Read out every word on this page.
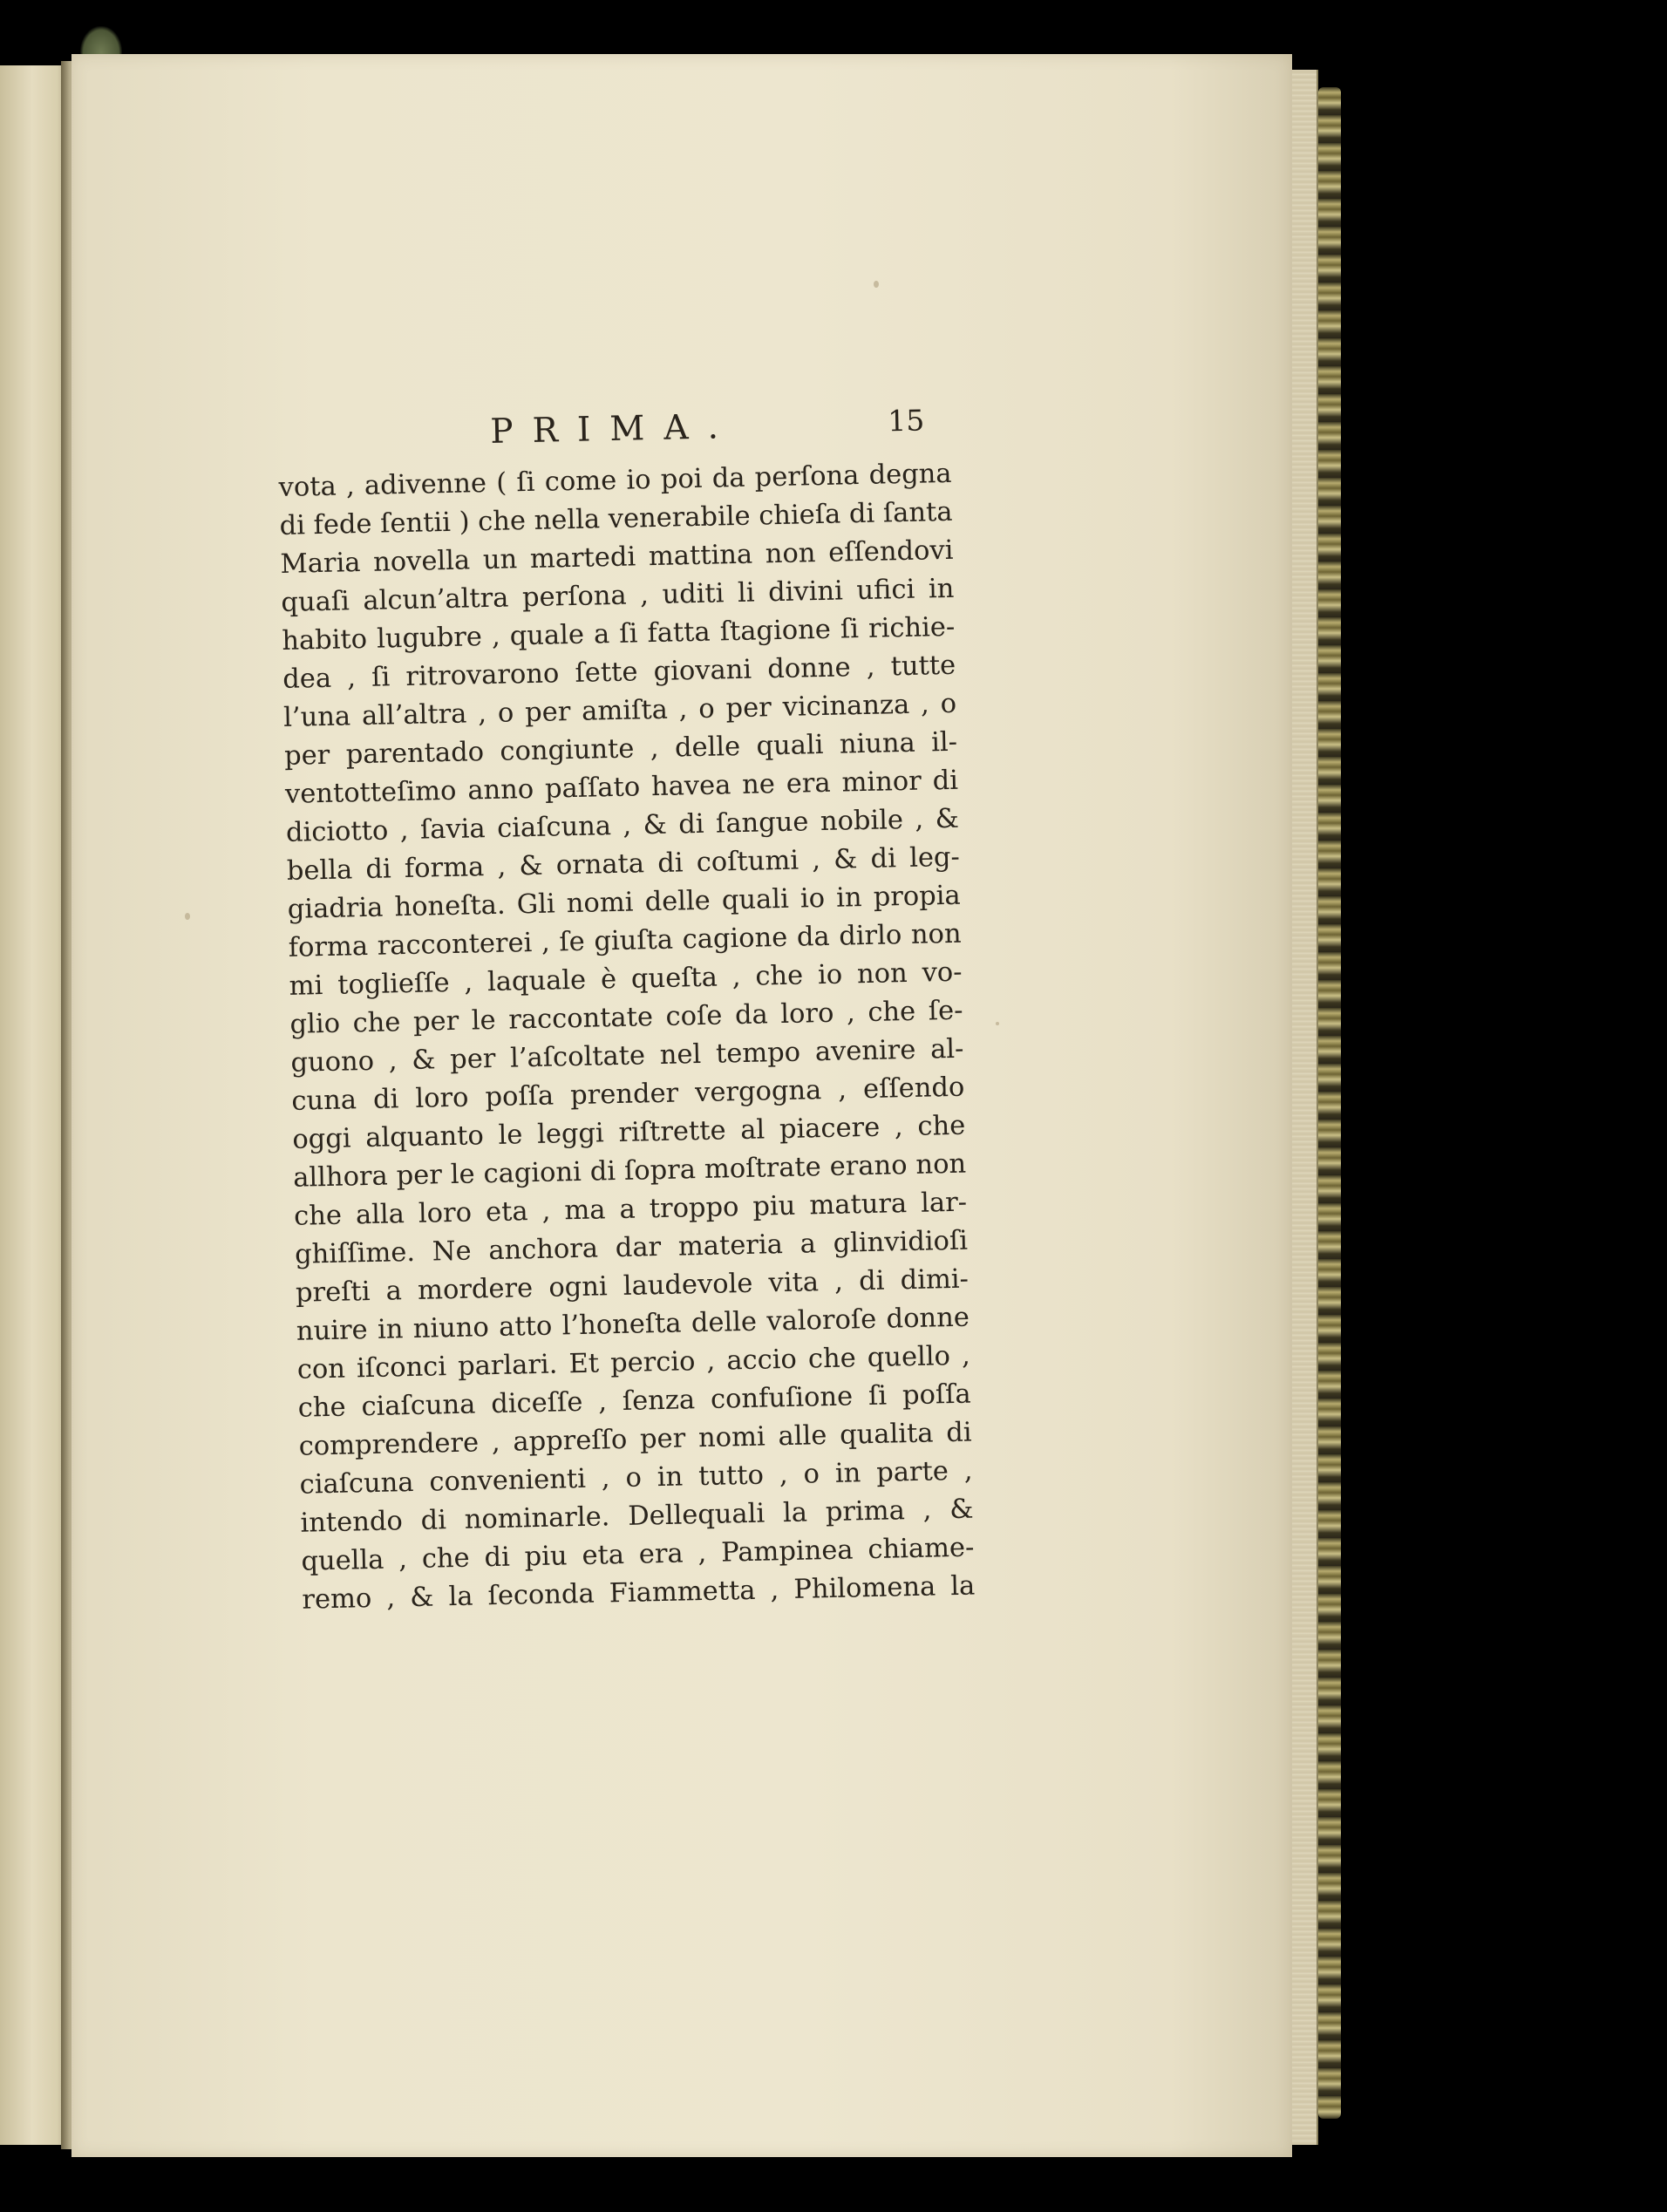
PRIMA.	15
vota , adivenne ( ſi come io poi da perſona degna
di fede ſentii ) che nella venerabile chieſa di ſanta
Maria novella un martedi mattina non eſſendovi
quaſi alcun’altra perſona , uditi li divini ufici in
habito lugubre , quale a ſi fatta ſtagione ſi richie-
dea , ſi ritrovarono ſette giovani donne , tutte
l’una all’altra , o per amiſta , o per vicinanza , o
per parentado congiunte , delle quali niuna il-
ventotteſimo anno paſſato havea ne era minor di
diciotto , ſavia ciaſcuna , & di ſangue nobile , &
bella di forma , & ornata di coſtumi , & di leg-
giadria honeſta. Gli nomi delle quali io in propia
forma racconterei , ſe giuſta cagione da dirlo non
mi toglieſſe , laquale è queſta , che io non vo-
glio che per le raccontate coſe da loro , che ſe-
guono , & per l’aſcoltate nel tempo avenire al-
cuna di loro poſſa prender vergogna , eſſendo
oggi alquanto le leggi riſtrette al piacere , che
allhora per le cagioni di ſopra moſtrate erano non
che alla loro eta , ma a troppo piu matura lar-
ghiſſime. Ne anchora dar materia a glinvidioſi
preſti a mordere ogni laudevole vita , di dimi-
nuire in niuno atto l’honeſta delle valoroſe donne
con iſconci parlari. Et percio , accio che quello ,
che ciaſcuna diceſſe , ſenza confuſione ſi poſſa
comprendere , appreſſo per nomi alle qualita di
ciaſcuna convenienti , o in tutto , o in parte ,
intendo di nominarle. Dellequali la prima , &
quella , che di piu eta era , Pampinea chiame-
remo , & la ſeconda Fiammetta , Philomena la
